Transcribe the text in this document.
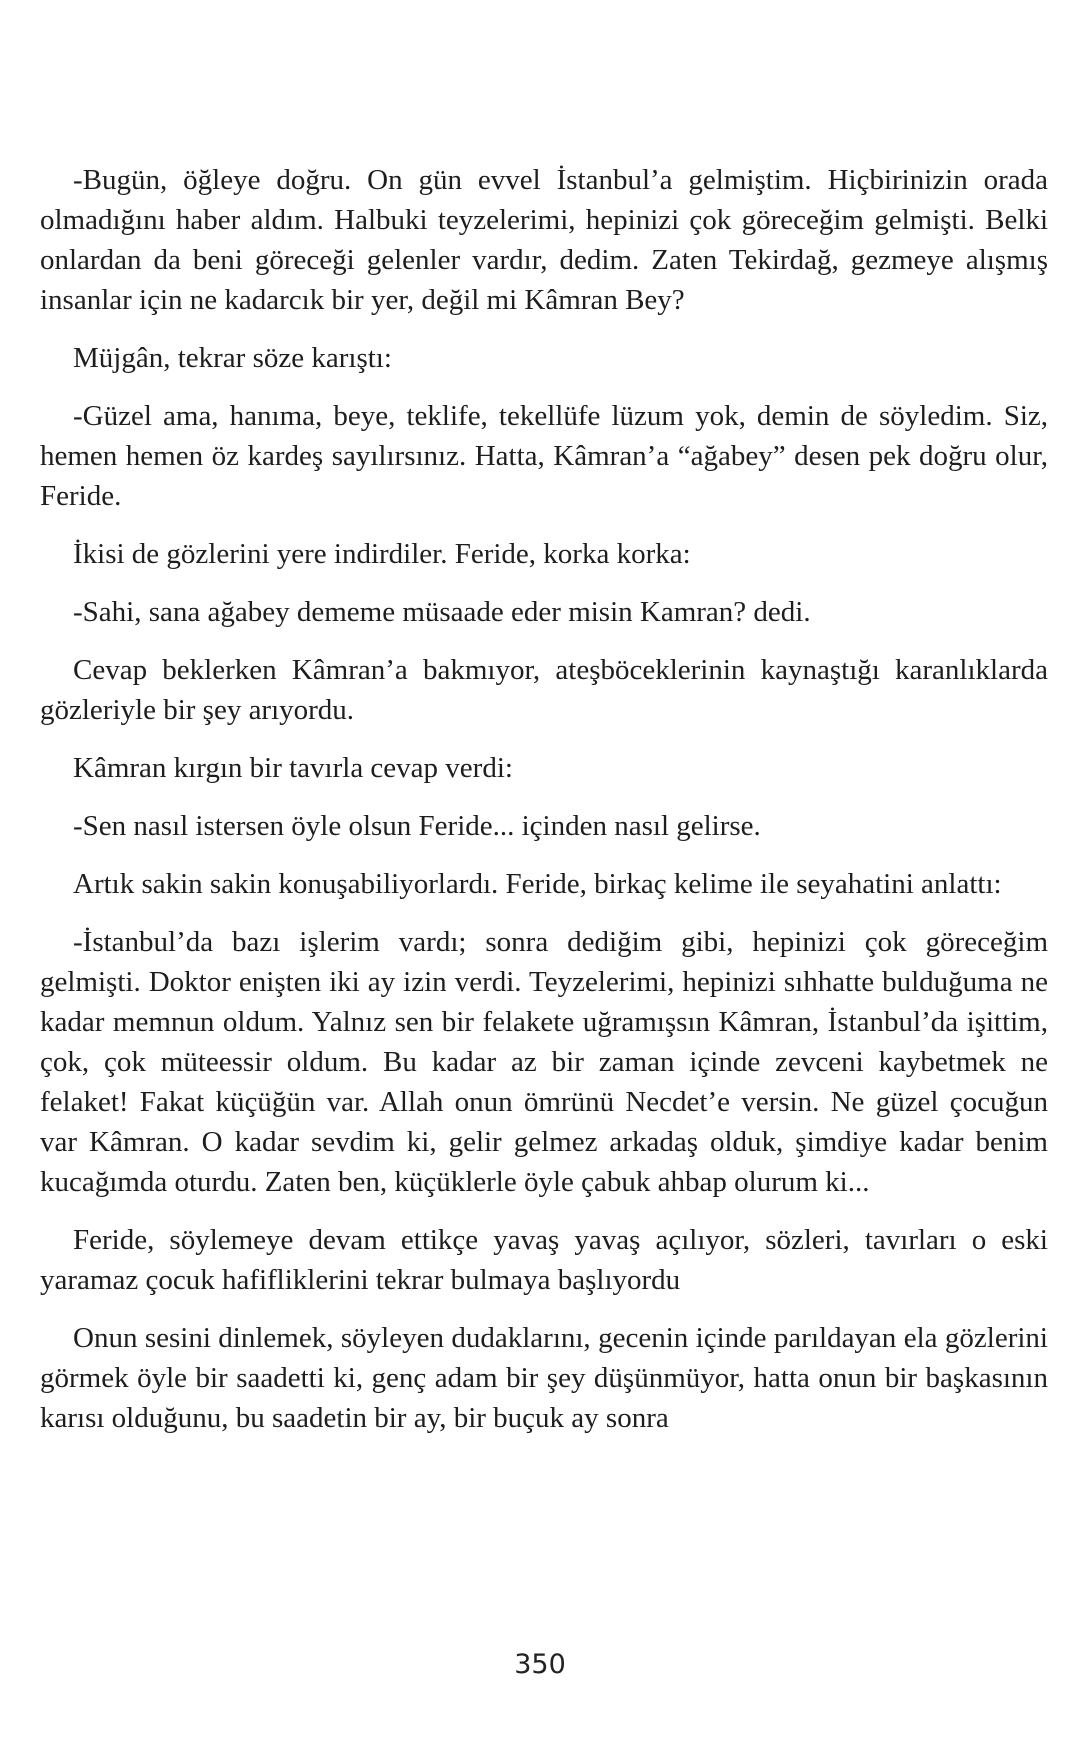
-Bugün, öğleye doğru. On gün evvel İstanbul’a gelmiştim. Hiçbirinizin orada olmadığını haber aldım. Halbuki teyzelerimi, hepinizi çok göreceğim gelmişti. Belki onlardan da beni göreceği gelenler vardır, dedim. Zaten Tekirdağ, gezmeye alışmış insanlar için ne kadarcık bir yer, değil mi Kâmran Bey?

Müjgân, tekrar söze karıştı:

-Güzel ama, hanıma, beye, teklife, tekellüfe lüzum yok, demin de söyledim. Siz, hemen hemen öz kardeş sayılırsınız. Hatta, Kâmran’a “ağabey” desen pek doğru olur, Feride.

İkisi de gözlerini yere indirdiler. Feride, korka korka:

-Sahi, sana ağabey dememe müsaade eder misin Kamran? dedi.

Cevap beklerken Kâmran’a bakmıyor, ateşböceklerinin kaynaştığı karanlıklarda gözleriyle bir şey arıyordu.

Kâmran kırgın bir tavırla cevap verdi:

-Sen nasıl istersen öyle olsun Feride... içinden nasıl gelirse.

Artık sakin sakin konuşabiliyorlardı. Feride, birkaç kelime ile seyahatini anlattı:

-İstanbul’da bazı işlerim vardı; sonra dediğim gibi, hepinizi çok göreceğim gelmişti. Doktor enişten iki ay izin verdi. Teyzelerimi, hepinizi sıhhatte bulduğuma ne kadar memnun oldum. Yalnız sen bir felakete uğramışsın Kâmran, İstanbul’da işittim, çok, çok müteessir oldum. Bu kadar az bir zaman içinde zevceni kaybetmek ne felaket! Fakat küçüğün var. Allah onun ömrünü Necdet’e versin. Ne güzel çocuğun var Kâmran. O kadar sevdim ki, gelir gelmez arkadaş olduk, şimdiye kadar benim kucağımda oturdu. Zaten ben, küçüklerle öyle çabuk ahbap olurum ki...

Feride, söylemeye devam ettikçe yavaş yavaş açılıyor, sözleri, tavırları o eski yaramaz çocuk hafifliklerini tekrar bulmaya başlıyordu

Onun sesini dinlemek, söyleyen dudaklarını, gecenin içinde parıldayan ela gözlerini görmek öyle bir saadetti ki, genç adam bir şey düşünmüyor, hatta onun bir başkasının karısı olduğunu, bu saadetin bir ay, bir buçuk ay sonra

350
